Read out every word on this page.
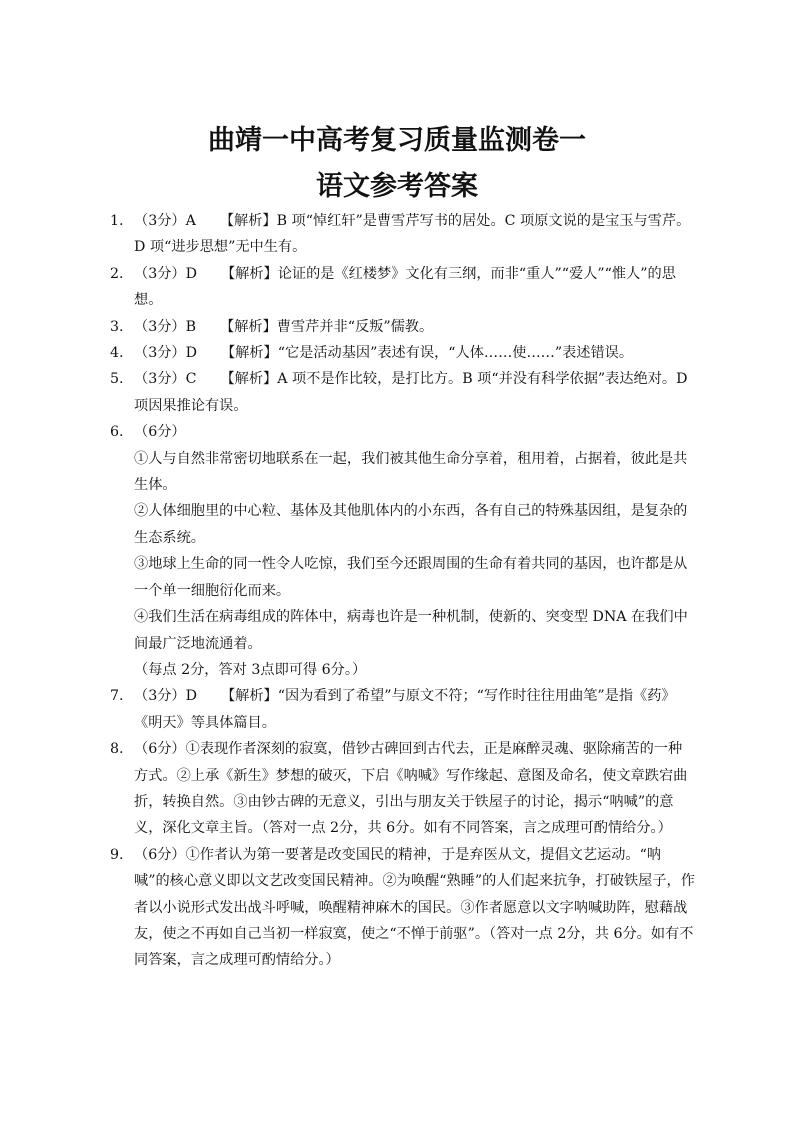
曲靖一中高考复习质量监测卷一
语文参考答案
1. （3分）A 【解析】B 项“悼红轩”是曹雪芹写书的居处。C 项原文说的是宝玉与雪芹。D 项“进步思想”无中生有。
2. （3分）D 【解析】论证的是《红楼梦》文化有三纲，而非“重人”“爱人”“惟人”的思想。
3. （3分）B 【解析】曹雪芹并非“反叛”儒教。
4. （3分）D 【解析】“它是活动基因”表述有误，“人体……使……”表述错误。
5. （3分）C 【解析】A 项不是作比较，是打比方。B 项“并没有科学依据”表达绝对。D 项因果推论有误。
6. （6分）
①人与自然非常密切地联系在一起，我们被其他生命分享着，租用着，占据着，彼此是共生体。
②人体细胞里的中心粒、基体及其他肌体内的小东西，各有自己的特殊基因组，是复杂的生态系统。
③地球上生命的同一性令人吃惊，我们至今还跟周围的生命有着共同的基因，也许都是从一个单一细胞衍化而来。
④我们生活在病毒组成的阵体中，病毒也许是一种机制，使新的、突变型 DNA 在我们中间最广泛地流通着。
（每点 2分，答对 3点即可得 6分。）
7. （3分）D 【解析】“因为看到了希望”与原文不符；“写作时往往用曲笔”是指《药》《明天》等具体篇目。
8. （6分）①表现作者深刻的寂寞，借钞古碑回到古代去，正是麻醉灵魂、驱除痛苦的一种方式。②上承《新生》梦想的破灭，下启《呐喊》写作缘起、意图及命名，使文章跌宕曲折，转换自然。③由钞古碑的无意义，引出与朋友关于铁屋子的讨论，揭示“呐喊”的意义，深化文章主旨。（答对一点 2分，共 6分。如有不同答案，言之成理可酌情给分。）
9. （6分）①作者认为第一要著是改变国民的精神，于是弃医从文，提倡文艺运动。“呐喊”的核心意义即以文艺改变国民精神。②为唤醒“熟睡”的人们起来抗争，打破铁屋子，作者以小说形式发出战斗呼喊，唤醒精神麻木的国民。③作者愿意以文字呐喊助阵，慰藉战友，使之不再如自己当初一样寂寞，使之“不惮于前驱”。（答对一点 2分，共 6分。如有不同答案，言之成理可酌情给分。）
